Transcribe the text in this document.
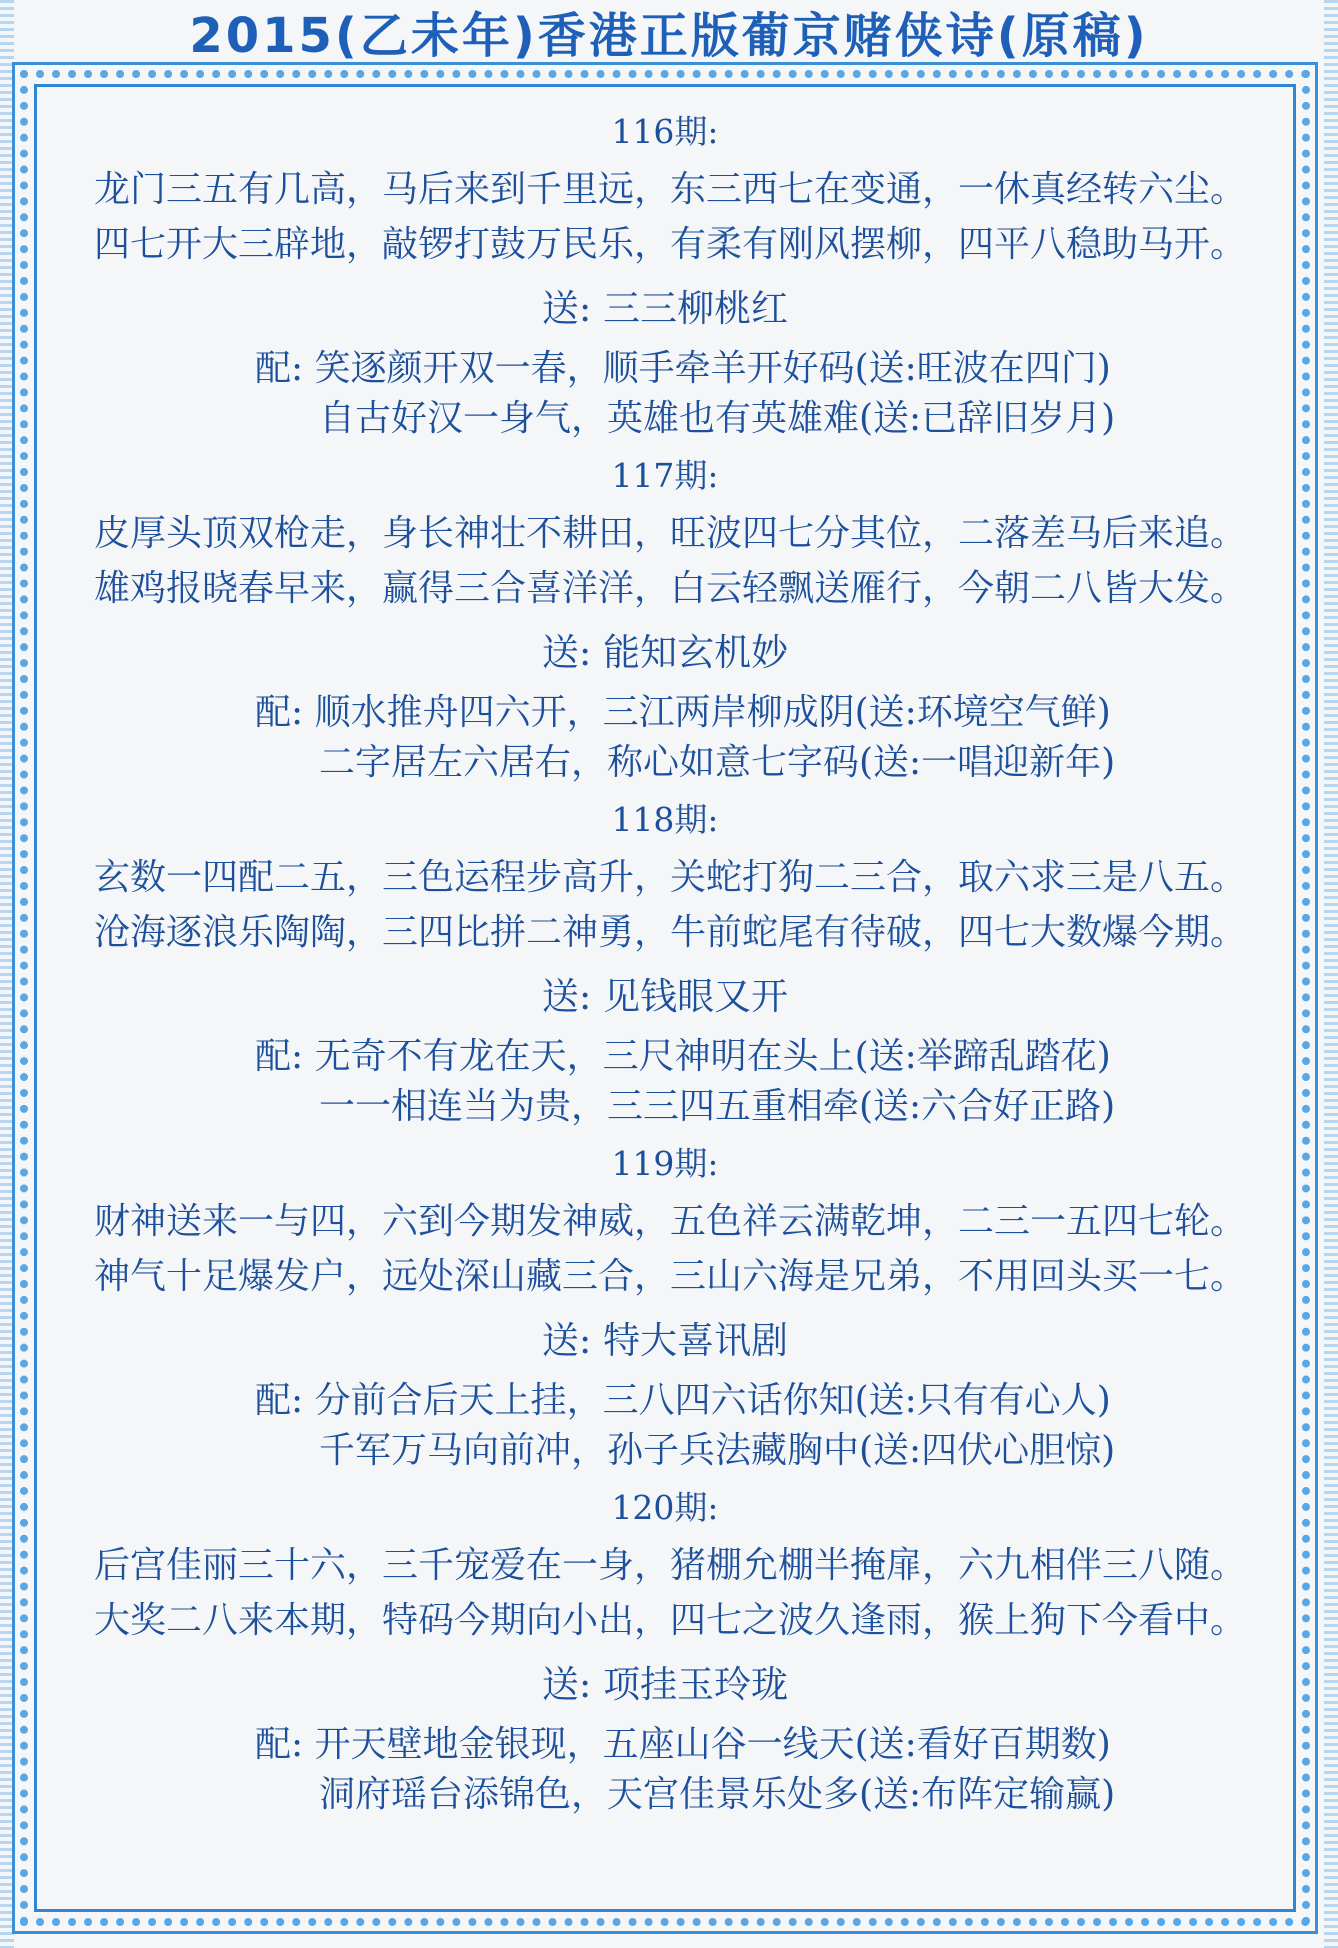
2015(乙未年)香港正版葡京赌侠诗(原稿)
116期:
龙门三五有几高，马后来到千里远，东三西七在变通，一休真经转六尘。
四七开大三辟地，敲锣打鼓万民乐，有柔有刚风摆柳，四平八稳助马开。
送: 三三柳桃红
配: 笑逐颜开双一春，顺手牵羊开好码(送:旺波在四门)
自古好汉一身气，英雄也有英雄难(送:已辞旧岁月)
117期:
皮厚头顶双枪走，身长神壮不耕田，旺波四七分其位，二落差马后来追。
雄鸡报晓春早来，赢得三合喜洋洋，白云轻飘送雁行，今朝二八皆大发。
送: 能知玄机妙
配: 顺水推舟四六开，三江两岸柳成阴(送:环境空气鲜)
二字居左六居右，称心如意七字码(送:一唱迎新年)
118期:
玄数一四配二五，三色运程步高升，关蛇打狗二三合，取六求三是八五。
沧海逐浪乐陶陶，三四比拼二神勇，牛前蛇尾有待破，四七大数爆今期。
送: 见钱眼又开
配: 无奇不有龙在天，三尺神明在头上(送:举蹄乱踏花)
一一相连当为贵，三三四五重相牵(送:六合好正路)
119期:
财神送来一与四，六到今期发神威，五色祥云满乾坤，二三一五四七轮。
神气十足爆发户，远处深山藏三合，三山六海是兄弟，不用回头买一七。
送: 特大喜讯剧
配: 分前合后天上挂，三八四六话你知(送:只有有心人)
千军万马向前冲，孙子兵法藏胸中(送:四伏心胆惊)
120期:
后宫佳丽三十六，三千宠爱在一身，猪棚允棚半掩扉，六九相伴三八随。
大奖二八来本期，特码今期向小出，四七之波久逢雨，猴上狗下今看中。
送: 项挂玉玲珑
配: 开天壁地金银现，五座山谷一线天(送:看好百期数)
洞府瑶台添锦色，天宫佳景乐处多(送:布阵定输赢)
